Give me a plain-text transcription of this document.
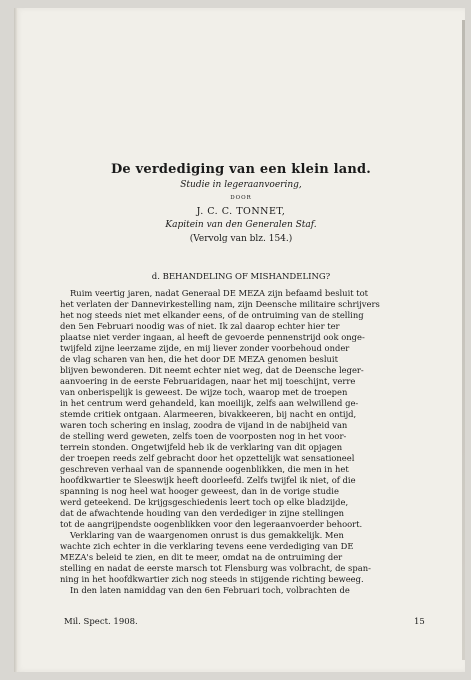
De verdediging van een klein land.
Studie in legeraanvoering,
DOOR
J. C. C. TONNET,
Kapitein van den Generalen Staf.
(Vervolg van blz. 154.)
d. BEHANDELING OF MISHANDELING?
Ruim veertig jaren, nadat Generaal DE MEZA zijn befaamd besluit tot
het verlaten der Dannevirkestelling nam, zijn Deensche militaire schrijvers
het nog steeds niet met elkander eens, of de ontruiming van de stelling
den 5en Februari noodig was of niet. Ik zal daarop echter hier ter
plaatse niet verder ingaan, al heeft de gevoerde pennenstrijd ook onge-
twijfeld zijne leerzame zijde, en mij liever zonder voorbehoud onder
de vlag scharen van hen, die het door DE MEZA genomen besluit
blijven bewonderen. Dit neemt echter niet weg, dat de Deensche leger-
aanvoering in de eerste Februaridagen, naar het mij toeschijnt, verre
van onberispelijk is geweest. De wijze toch, waarop met de troepen
in het centrum werd gehandeld, kan moeilijk, zelfs aan welwillend ge-
stemde critiek ontgaan. Alarmeeren, bivakkeeren, bij nacht en ontijd,
waren toch schering en inslag, zoodra de vijand in de nabijheid van
de stelling werd geweten, zelfs toen de voorposten nog in het voor-
terrein stonden. Ongetwijfeld heb ik de verklaring van dit opjagen
der troepen reeds zelf gebracht door het opzettelijk wat sensationeel
geschreven verhaal van de spannende oogenblikken, die men in het
hoofdkwartier te Sleeswijk heeft doorleefd. Zelfs twijfel ik niet, of die
spanning is nog heel wat hooger geweest, dan in de vorige studie
werd geteekend. De krijgsgeschiedenis leert toch op elke bladzijde,
dat de afwachtende houding van den verdediger in zijne stellingen
tot de aangrijpendste oogenblikken voor den legeraanvoerder behoort.
Verklaring van de waargenomen onrust is dus gemakkelijk. Men
wachte zich echter in die verklaring tevens eene verdediging van DE
MEZA's beleid te zien, en dit te meer, omdat na de ontruiming der
stelling en nadat de eerste marsch tot Flensburg was volbracht, de span-
ning in het hoofdkwartier zich nog steeds in stijgende richting beweeg.
In den laten namiddag van den 6en Februari toch, volbrachten de
Mil. Spect. 1908.	15
